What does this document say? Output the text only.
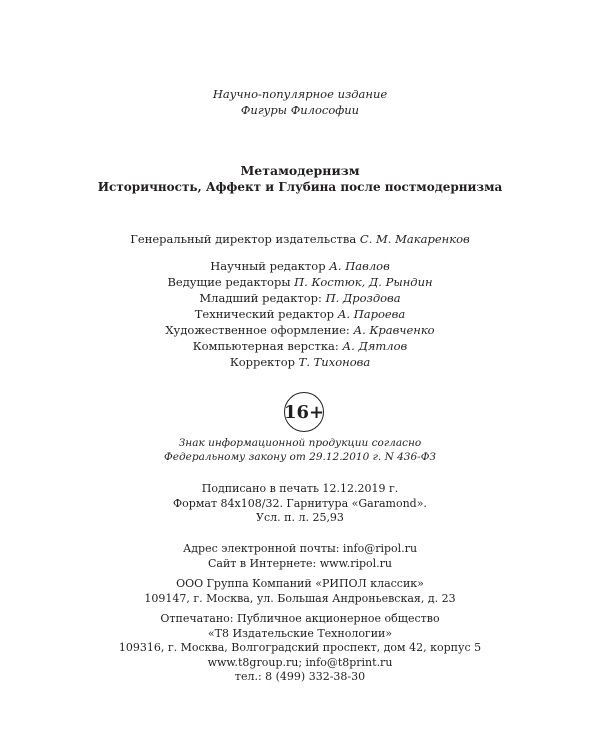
Научно-популярное издание
Фигуры Философии
Метамодернизм
Историчность, Аффект и Глубина после постмодернизма
Генеральный директор издательства С. М. Макаренков
Научный редактор А. Павлов
Ведущие редакторы П. Костюк, Д. Рындин
Младший редактор: П. Дроздова
Технический редактор А. Пароева
Художественное оформление: А. Кравченко
Компьютерная верстка: А. Дятлов
Корректор Т. Тихонова
16+
Знак информационной продукции согласно
Федеральному закону от 29.12.2010 г. N 436-ФЗ
Подписано в печать 12.12.2019 г.
Формат 84х108/32. Гарнитура «Garamond».
Усл. п. л. 25,93
Адрес электронной почты: info@ripol.ru
Сайт в Интернете: www.ripol.ru
ООО Группа Компаний «РИПОЛ классик»
109147, г. Москва, ул. Большая Андроньевская, д. 23
Отпечатано: Публичное акционерное общество
«Т8 Издательские Технологии»
109316, г. Москва, Волгоградский проспект, дом 42, корпус 5
www.t8group.ru; info@t8print.ru
тел.: 8 (499) 332-38-30
